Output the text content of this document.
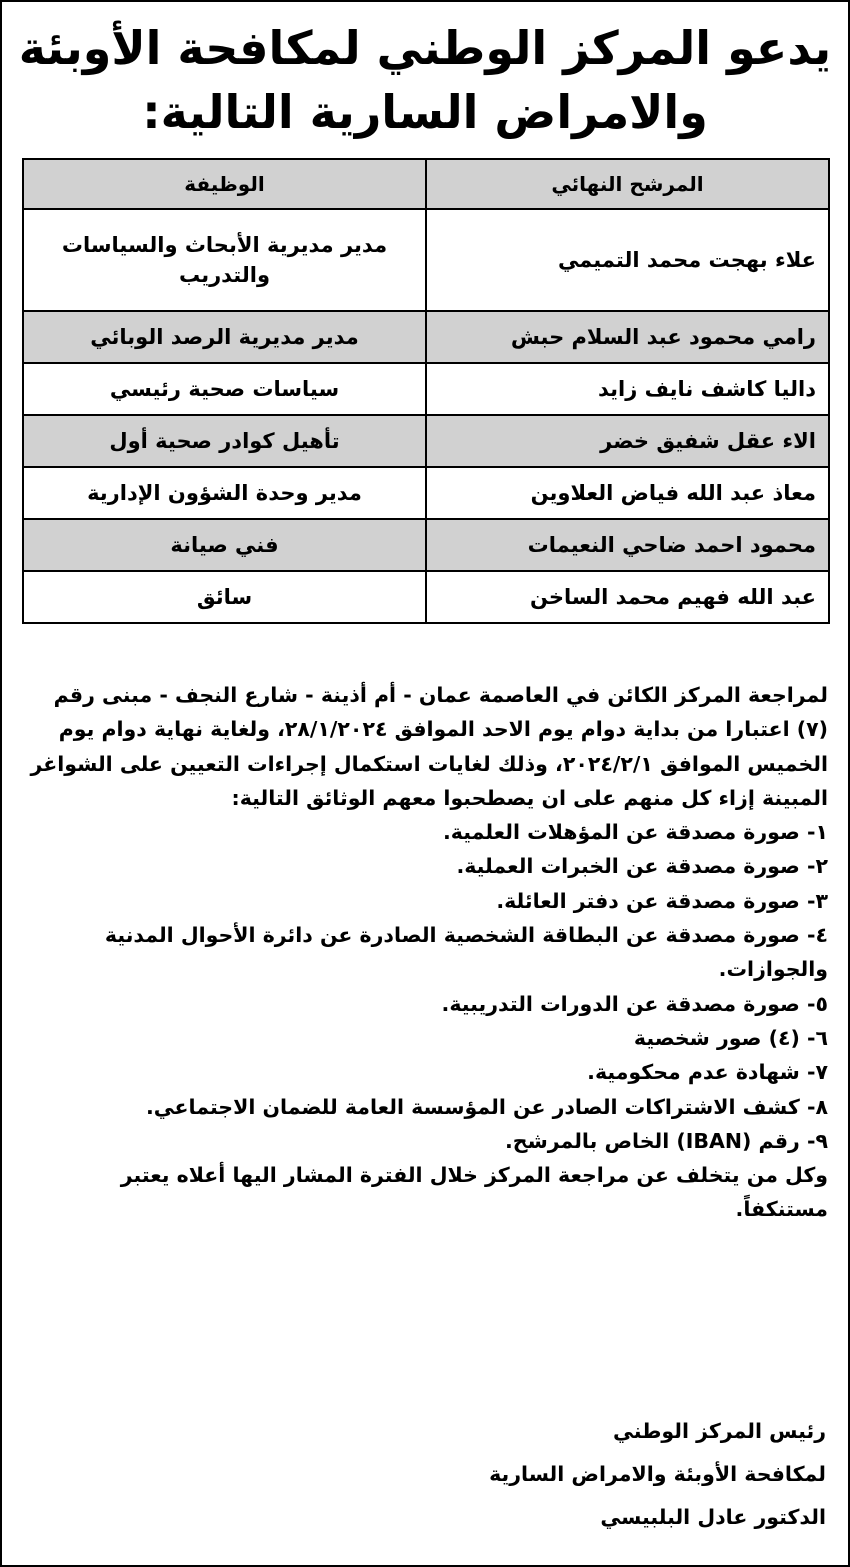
يدعو المركز الوطني لمكافحة الأوبئة والامراض السارية التالية:
المرشح النهائي	الوظيفة
علاء بهجت محمد التميمي	مدير مديرية الأبحاث والسياسات والتدريب
رامي محمود عبد السلام حبش	مدير مديرية الرصد الوبائي
داليا كاشف نايف زايد	سياسات صحية رئيسي
الاء عقل شفيق خضر	تأهيل كوادر صحية أول
معاذ عبد الله فياض العلاوين	مدير وحدة الشؤون الإدارية
محمود احمد ضاحي النعيمات	فني صيانة
عبد الله فهيم محمد الساخن	سائق

لمراجعة المركز الكائن في العاصمة عمان - أم أذينة - شارع النجف - مبنى رقم (٧) اعتبارا من بداية دوام يوم الاحد الموافق ٢٨/١/٢٠٢٤، ولغاية نهاية دوام يوم الخميس الموافق ٢٠٢٤/٢/١، وذلك لغايات استكمال إجراءات التعيين على الشواغر المبينة إزاء كل منهم على ان يصطحبوا معهم الوثائق التالية:

١- صورة مصدقة عن المؤهلات العلمية.

٢- صورة مصدقة عن الخبرات العملية.

٣- صورة مصدقة عن دفتر العائلة.

٤- صورة مصدقة عن البطاقة الشخصية الصادرة عن دائرة الأحوال المدنية والجوازات.

٥- صورة مصدقة عن الدورات التدريبية.

٦- (٤) صور شخصية

٧- شهادة عدم محكومية.

٨- كشف الاشتراكات الصادر عن المؤسسة العامة للضمان الاجتماعي.

٩- رقم (IBAN) الخاص بالمرشح.

وكل من يتخلف عن مراجعة المركز خلال الفترة المشار اليها أعلاه يعتبر مستنكفاً.

رئيس المركز الوطني

لمكافحة الأوبئة والامراض السارية

الدكتور عادل البلبيسي
